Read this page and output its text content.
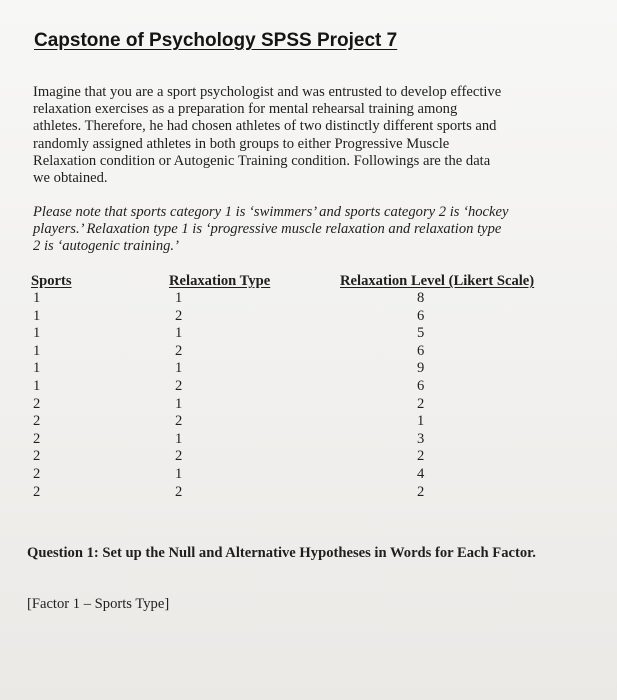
Capstone of Psychology SPSS Project 7
Imagine that you are a sport psychologist and was entrusted to develop effective
relaxation exercises as a preparation for mental rehearsal training among
athletes. Therefore, he had chosen athletes of two distinctly different sports and
randomly assigned athletes in both groups to either Progressive Muscle
Relaxation condition or Autogenic Training condition. Followings are the data
we obtained.
Please note that sports category 1 is ‘swimmers’ and sports category 2 is ‘hockey
players.’ Relaxation type 1 is ‘progressive muscle relaxation and relaxation type
2 is ‘autogenic training.’
Sports	Relaxation Type	Relaxation Level (Likert Scale)
1
1
1
1
1
1
2
2
2
2
2
2
1
2
1
2
1
2
1
2
1
2
1
2
8
6
5
6
9
6
2
1
3
2
4
2
Question 1: Set up the Null and Alternative Hypotheses in Words for Each Factor.
[Factor 1 – Sports Type]
